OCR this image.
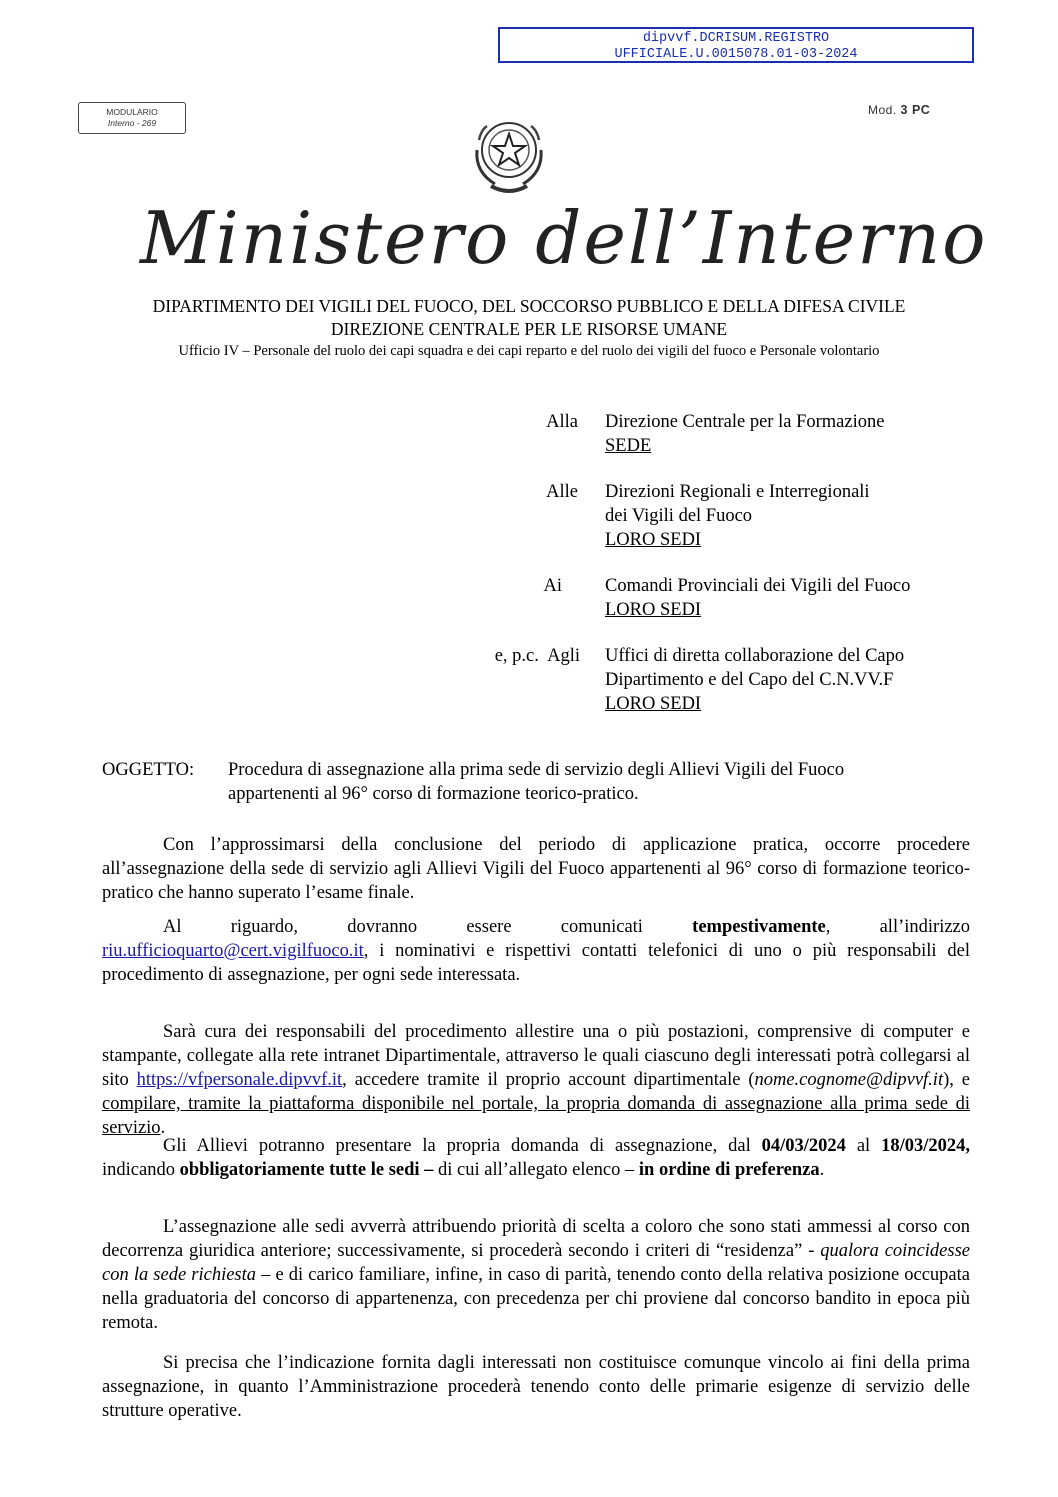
dipvvf.DCRISUM.REGISTRO
UFFICIALE.U.0015078.01-03-2024
MODULARIO
Interno - 269
Mod. 3 PC
Ministero dell’Interno
DIPARTIMENTO DEI VIGILI DEL FUOCO, DEL SOCCORSO PUBBLICO E DELLA DIFESA CIVILE
DIREZIONE CENTRALE PER LE RISORSE UMANE
Ufficio IV – Personale del ruolo dei capi squadra e dei capi reparto e del ruolo dei vigili del fuoco e Personale volontario
Alla Direzione Centrale per la Formazione
SEDE
Alle Direzioni Regionali e Interregionali
dei Vigili del Fuoco
LORO SEDI
Ai Comandi Provinciali dei Vigili del Fuoco
LORO SEDI
e, p.c.  Agli Uffici di diretta collaborazione del Capo
Dipartimento e del Capo del C.N.VV.F
LORO SEDI
OGGETTO: Procedura di assegnazione alla prima sede di servizio degli Allievi Vigili del Fuoco
appartenenti al 96° corso di formazione teorico-pratico.

Con l’approssimarsi della conclusione del periodo di applicazione pratica, occorre procedere all’assegnazione della sede di servizio agli Allievi Vigili del Fuoco appartenenti al 96° corso di formazione teorico-pratico che hanno superato l’esame finale.

Al riguardo, dovranno essere comunicati tempestivamente, all’indirizzo riu.ufficioquarto@cert.vigilfuoco.it, i nominativi e rispettivi contatti telefonici di uno o più responsabili del procedimento di assegnazione, per ogni sede interessata.

Sarà cura dei responsabili del procedimento allestire una o più postazioni, comprensive di computer e stampante, collegate alla rete intranet Dipartimentale, attraverso le quali ciascuno degli interessati potrà collegarsi al sito https://vfpersonale.dipvvf.it, accedere tramite il proprio account dipartimentale (nome.cognome@dipvvf.it), e compilare, tramite la piattaforma disponibile nel portale, la propria domanda di assegnazione alla prima sede di servizio.

Gli Allievi potranno presentare la propria domanda di assegnazione, dal 04/03/2024 al 18/03/2024, indicando obbligatoriamente tutte le sedi – di cui all’allegato elenco – in ordine di preferenza.

L’assegnazione alle sedi avverrà attribuendo priorità di scelta a coloro che sono stati ammessi al corso con decorrenza giuridica anteriore; successivamente, si procederà secondo i criteri di “residenza” - qualora coincidesse con la sede richiesta – e di carico familiare, infine, in caso di parità, tenendo conto della relativa posizione occupata nella graduatoria del concorso di appartenenza, con precedenza per chi proviene dal concorso bandito in epoca più remota.

Si precisa che l’indicazione fornita dagli interessati non costituisce comunque vincolo ai fini della prima assegnazione, in quanto l’Amministrazione procederà tenendo conto delle primarie esigenze di servizio delle strutture operative.
